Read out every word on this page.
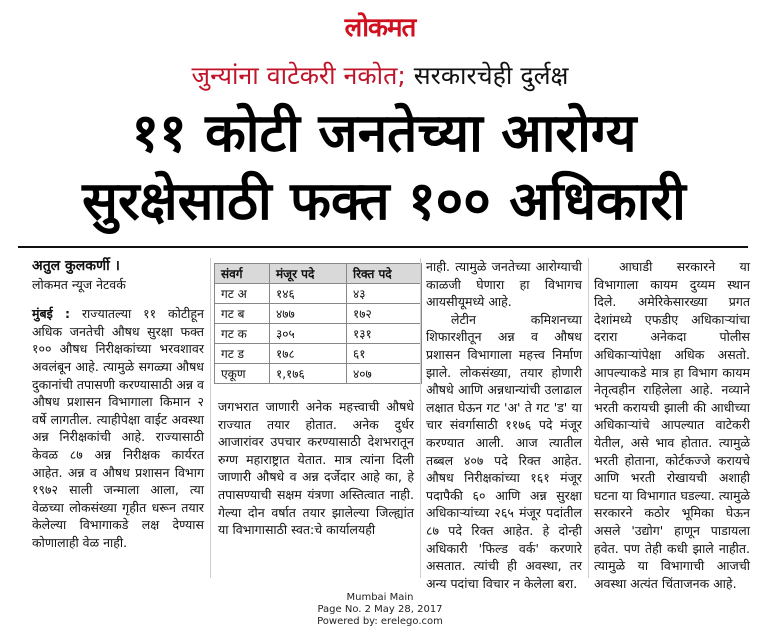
लोकमत
जुन्यांना वाटेकरी नकोत; सरकारचेही दुर्लक्ष
११ कोटी जनतेच्या आरोग्य
सुरक्षेसाठी फक्त १०० अधिकारी

अतुल कुलकर्णी ।

लोकमत न्यूज नेटवर्क

मुंबई : राज्यातल्या ११ कोटीहून अधिक जनतेची औषध सुरक्षा फक्त १०० औषध निरीक्षकांच्या भरवशावर अवलंबून आहे. त्यामुळे सगळ्या औषध दुकानांची तपासणी करण्यासाठी अन्न व औषध प्रशासन विभागाला किमान २ वर्षे लागतील. त्याहीपेक्षा वाईट अवस्था अन्न निरीक्षकांची आहे. राज्यासाठी केवळ ८७ अन्न निरीक्षक कार्यरत आहेत. अन्न व औषध प्रशासन विभाग १९७२ साली जन्माला आला, त्या वेळच्या लोकसंख्या गृहीत धरून तयार केलेल्या विभागाकडे लक्ष देण्यास कोणालाही वेळ नाही.

संवर्ग	मंजूर पदे	रिक्त पदे
गट अ	१४६	४३
गट ब	४७७	१७२
गट क	३०५	१३१
गट ड	१७८	६१
एकूण	१,१७६	४०७

जगभरात जाणारी अनेक महत्त्वाची औषधे राज्यात तयार होतात. अनेक दुर्धर आजारांवर उपचार करण्यासाठी देशभरातून रुग्ण महाराष्ट्रात येतात. मात्र त्यांना दिली जाणारी औषधे व अन्न दर्जेदार आहे का, हे तपासण्याची सक्षम यंत्रणा अस्तित्वात नाही. गेल्या दोन वर्षात तयार झालेल्या जिल्ह्यांत या विभागासाठी स्वत:चे कार्यालयही

नाही. त्यामुळे जनतेच्या आरोग्याची काळजी घेणारा हा विभागच आयसीयूमध्ये आहे.

लेटीन कमिशनच्या शिफारशीतून अन्न व औषध प्रशासन विभागाला महत्त्व निर्माण झाले. लोकसंख्या, तयार होणारी औषधे आणि अन्नधान्यांची उलाढाल लक्षात घेऊन गट 'अ' ते गट 'ड' या चार संवर्गासाठी ११७६ पदे मंजूर करण्यात आली. आज त्यातील तब्बल ४०७ पदे रिक्त आहेत. औषध निरीक्षकांच्या १६१ मंजूर पदापैकी ६० आणि अन्न सुरक्षा अधिकाऱ्यांच्या २६५ मंजूर पदांतील ८७ पदे रिक्त आहेत. हे दोन्ही अधिकारी 'फिल्ड वर्क' करणारे असतात. त्यांची ही अवस्था, तर अन्य पदांचा विचार न केलेला बरा.

आघाडी सरकारने या विभागाला कायम दुय्यम स्थान दिले. अमेरिकेसारख्या प्रगत देशांमध्ये एफडीए अधिकाऱ्यांचा दरारा अनेकदा पोलीस अधिकाऱ्यांपेक्षा अधिक असतो. आपल्याकडे मात्र हा विभाग कायम नेतृत्वहीन राहिलेला आहे. नव्याने भरती करायची झाली की आधीच्या अधिकाऱ्यांचे आपल्यात वाटेकरी येतील, असे भाव होतात. त्यामुळे भरती होताना, कोर्टकज्जे करायचे आणि भरती रोखायची अशाही घटना या विभागात घडल्या. त्यामुळे सरकारने कठोर भूमिका घेऊन असले 'उद्योग' हाणून पाडायला हवेत. पण तेही कधी झाले नाहीत. त्यामुळे या विभागाची आजची अवस्था अत्यंत चिंताजनक आहे.

Mumbai Main
Page No. 2 May 28, 2017
Powered by: erelego.com
